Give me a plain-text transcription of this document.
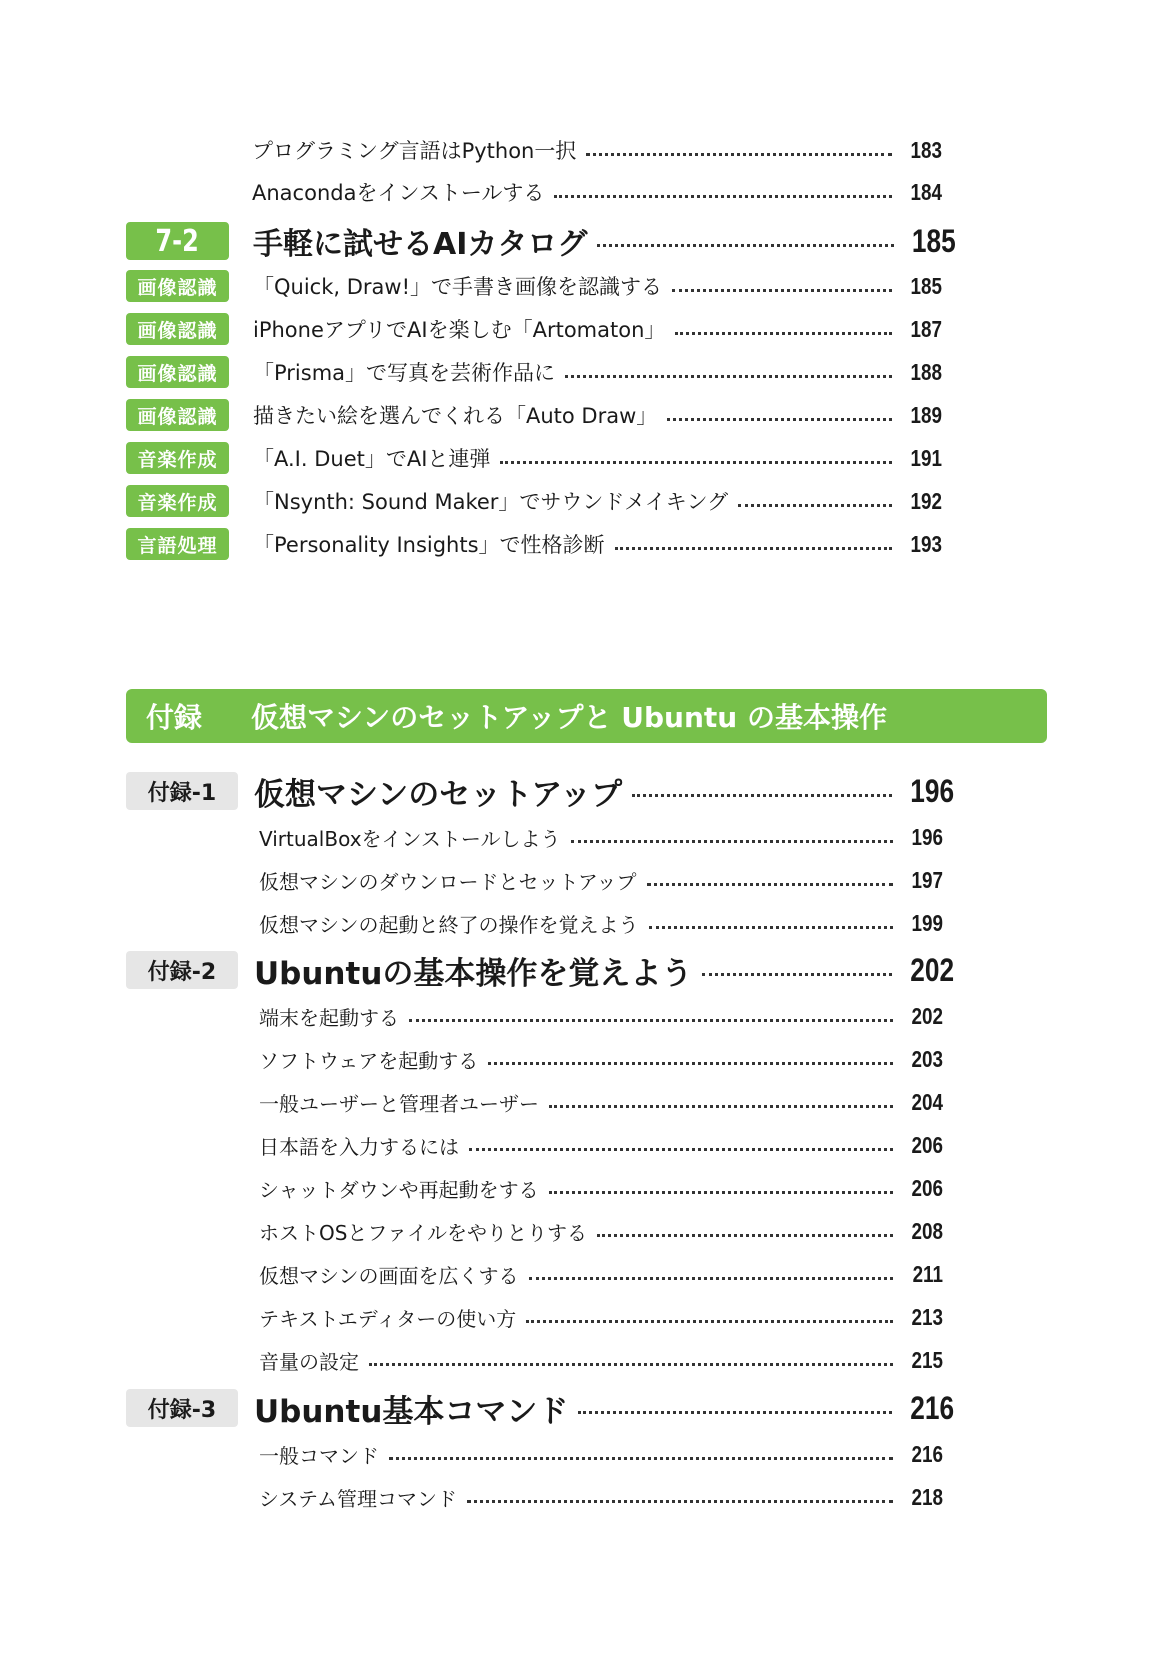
プログラミング言語はPython一択	183
Anacondaをインストールする	184
7-2 手軽に試せるAIカタログ	185
画像認識	「Quick, Draw!」で手書き画像を認識する	185
画像認識	iPhoneアプリでAIを楽しむ「Artomaton」	187
画像認識	「Prisma」で写真を芸術作品に	188
画像認識	描きたい絵を選んでくれる「Auto Draw」	189
音楽作成	「A.I. Duet」でAIと連弾	191
音楽作成	「Nsynth: Sound Maker」でサウンドメイキング	192
言語処理	「Personality Insights」で性格診断	193
付録	仮想マシンのセットアップと Ubuntu の基本操作
付録-1	仮想マシンのセットアップ	196
VirtualBoxをインストールしよう	196
仮想マシンのダウンロードとセットアップ	197
仮想マシンの起動と終了の操作を覚えよう	199
付録-2	Ubuntuの基本操作を覚えよう	202
端末を起動する	202
ソフトウェアを起動する	203
一般ユーザーと管理者ユーザー	204
日本語を入力するには	206
シャットダウンや再起動をする	206
ホストOSとファイルをやりとりする	208
仮想マシンの画面を広くする	211
テキストエディターの使い方	213
音量の設定	215
付録-3	Ubuntu基本コマンド	216
一般コマンド	216
システム管理コマンド	218
